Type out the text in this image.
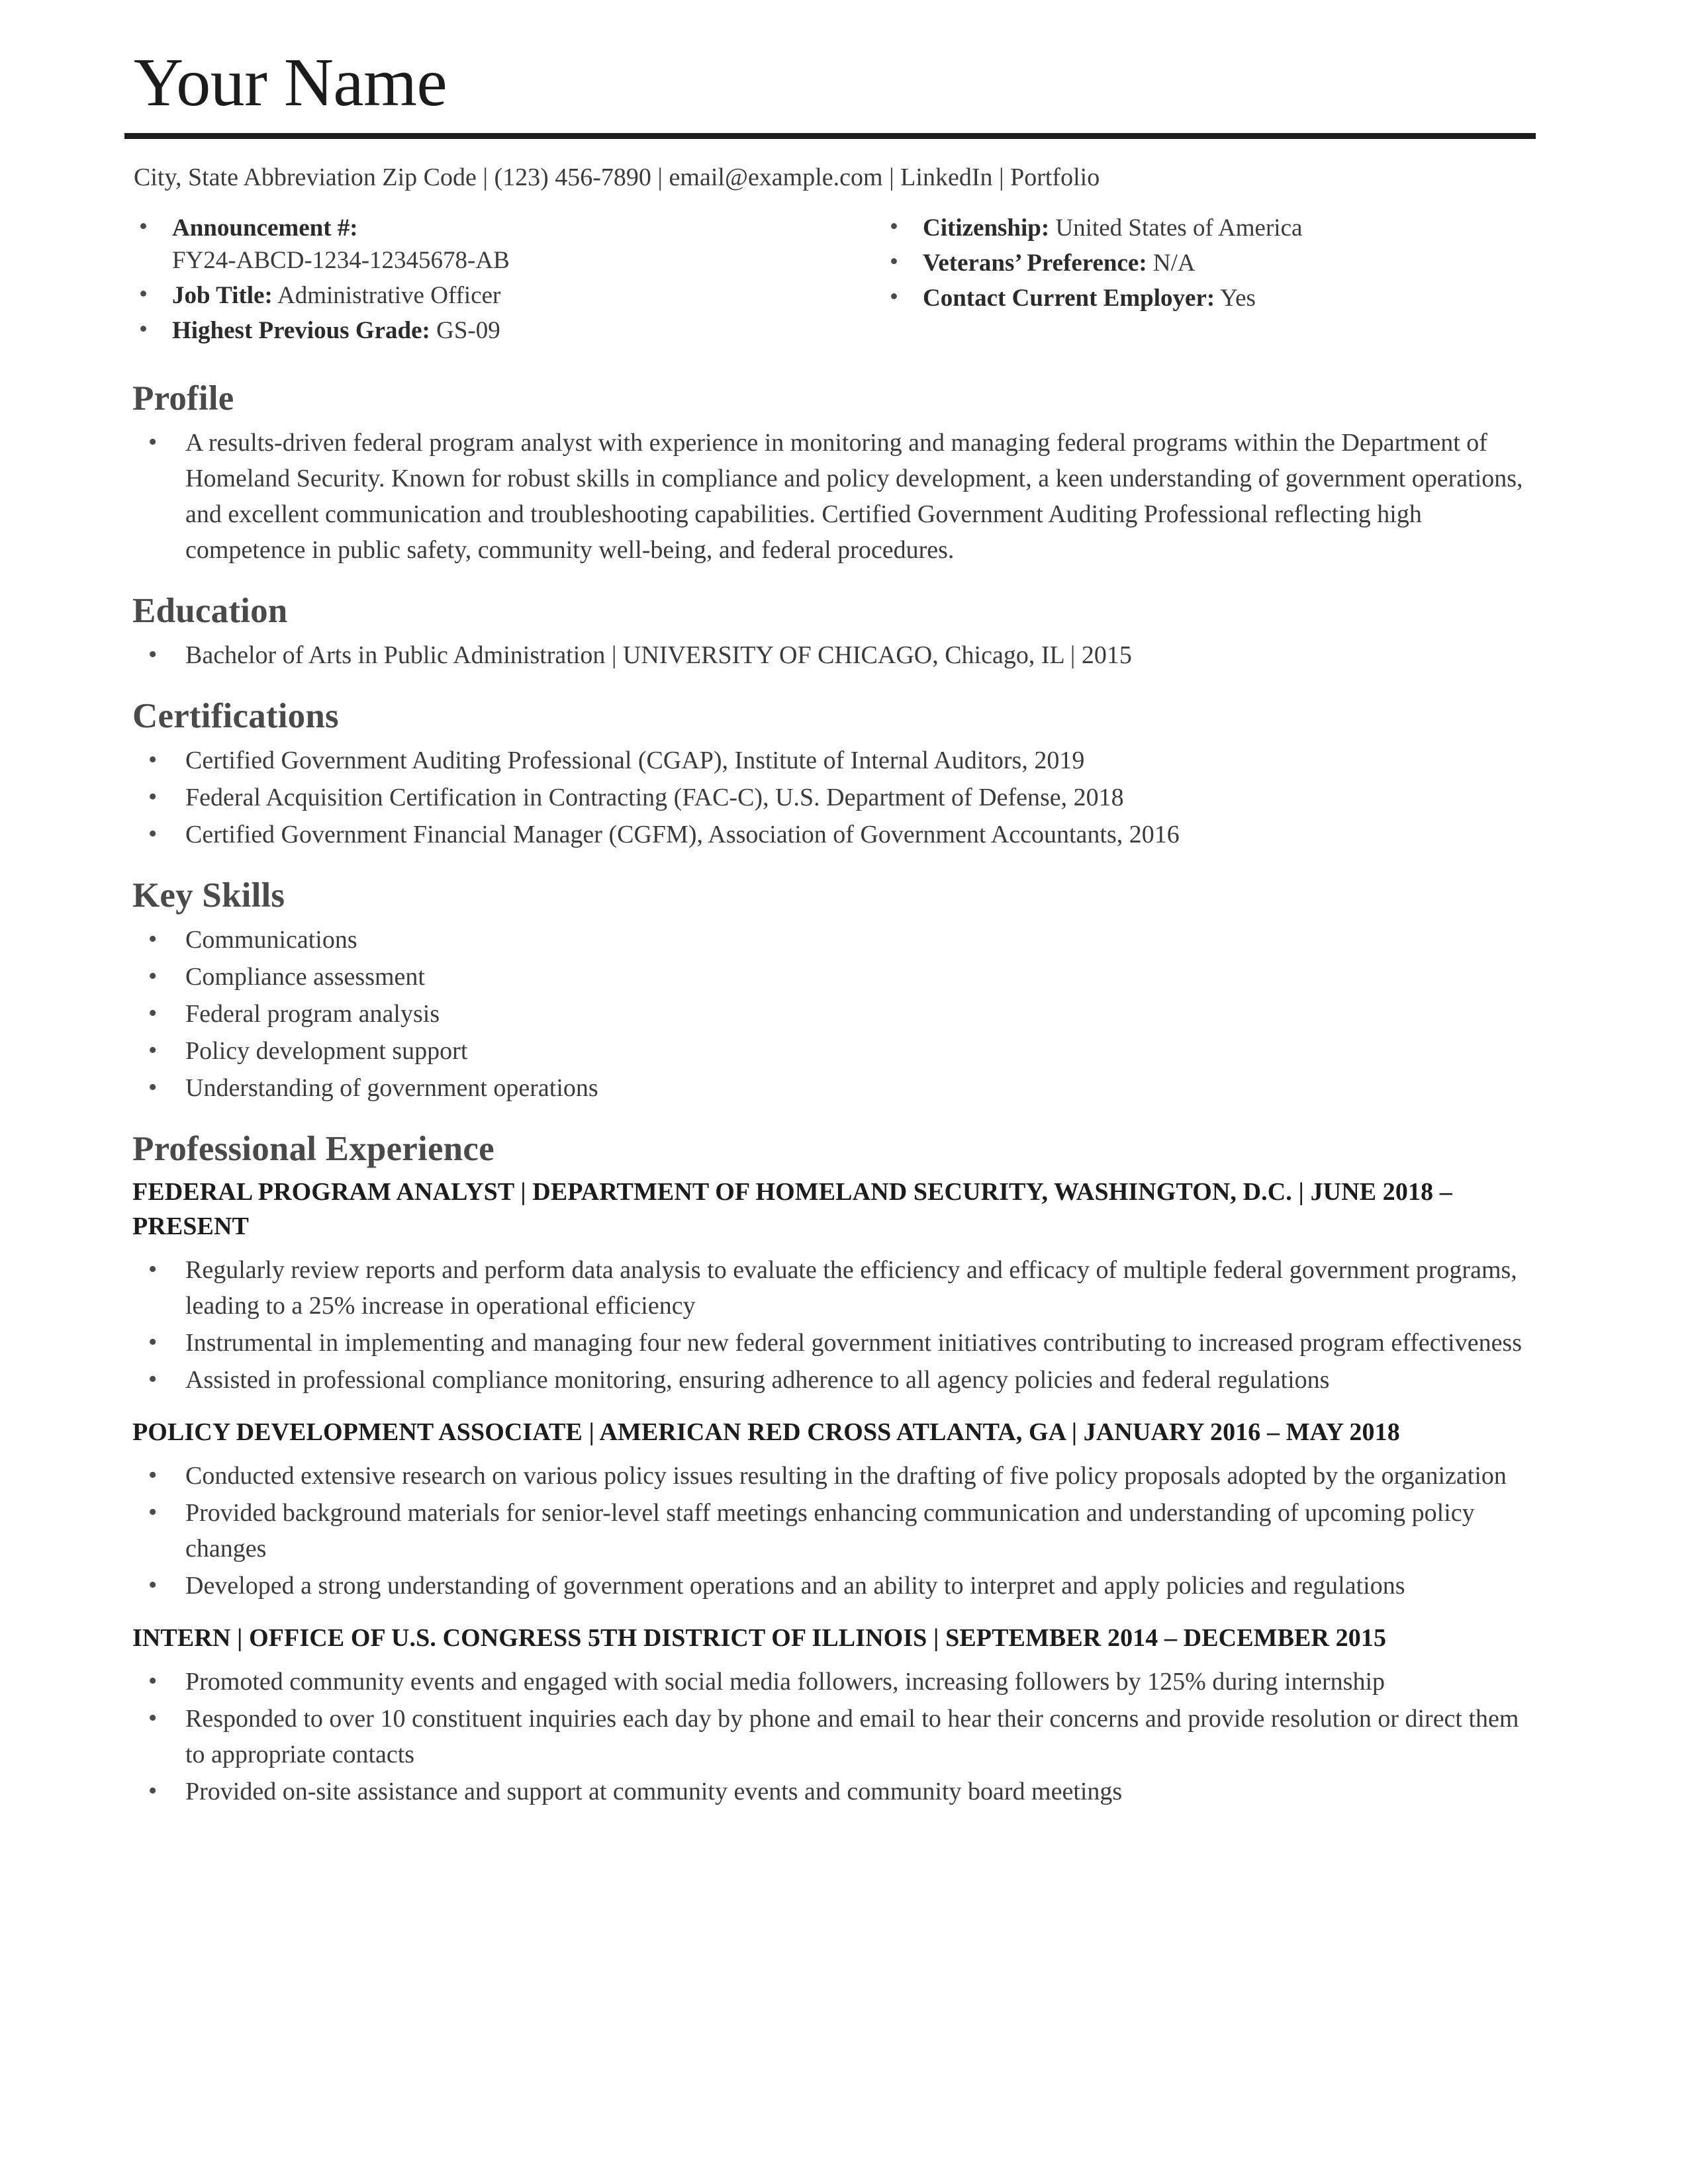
Your Name
City, State Abbreviation Zip Code | (123) 456-7890 | email@example.com | LinkedIn | Portfolio
• Announcement #:
FY24-ABCD-1234-12345678-AB
• Job Title: Administrative Officer
• Highest Previous Grade: GS-09
• Citizenship: United States of America
• Veterans’ Preference: N/A
• Contact Current Employer: Yes
Profile
• A results-driven federal program analyst with experience in monitoring and managing federal programs within the Department of Homeland Security. Known for robust skills in compliance and policy development, a keen understanding of government operations, and excellent communication and troubleshooting capabilities. Certified Government Auditing Professional reflecting high competence in public safety, community well-being, and federal procedures.
Education
• Bachelor of Arts in Public Administration | UNIVERSITY OF CHICAGO, Chicago, IL | 2015
Certifications
• Certified Government Auditing Professional (CGAP), Institute of Internal Auditors, 2019
• Federal Acquisition Certification in Contracting (FAC-C), U.S. Department of Defense, 2018
• Certified Government Financial Manager (CGFM), Association of Government Accountants, 2016
Key Skills
• Communications
• Compliance assessment
• Federal program analysis
• Policy development support
• Understanding of government operations
Professional Experience
FEDERAL PROGRAM ANALYST | DEPARTMENT OF HOMELAND SECURITY, WASHINGTON, D.C. | JUNE 2018 – PRESENT
• Regularly review reports and perform data analysis to evaluate the efficiency and efficacy of multiple federal government programs, leading to a 25% increase in operational efficiency
• Instrumental in implementing and managing four new federal government initiatives contributing to increased program effectiveness
• Assisted in professional compliance monitoring, ensuring adherence to all agency policies and federal regulations
POLICY DEVELOPMENT ASSOCIATE | AMERICAN RED CROSS ATLANTA, GA | JANUARY 2016 – MAY 2018
• Conducted extensive research on various policy issues resulting in the drafting of five policy proposals adopted by the organization
• Provided background materials for senior-level staff meetings enhancing communication and understanding of upcoming policy changes
• Developed a strong understanding of government operations and an ability to interpret and apply policies and regulations
INTERN | OFFICE OF U.S. CONGRESS 5TH DISTRICT OF ILLINOIS | SEPTEMBER 2014 – DECEMBER 2015
• Promoted community events and engaged with social media followers, increasing followers by 125% during internship
• Responded to over 10 constituent inquiries each day by phone and email to hear their concerns and provide resolution or direct them to appropriate contacts
• Provided on-site assistance and support at community events and community board meetings
